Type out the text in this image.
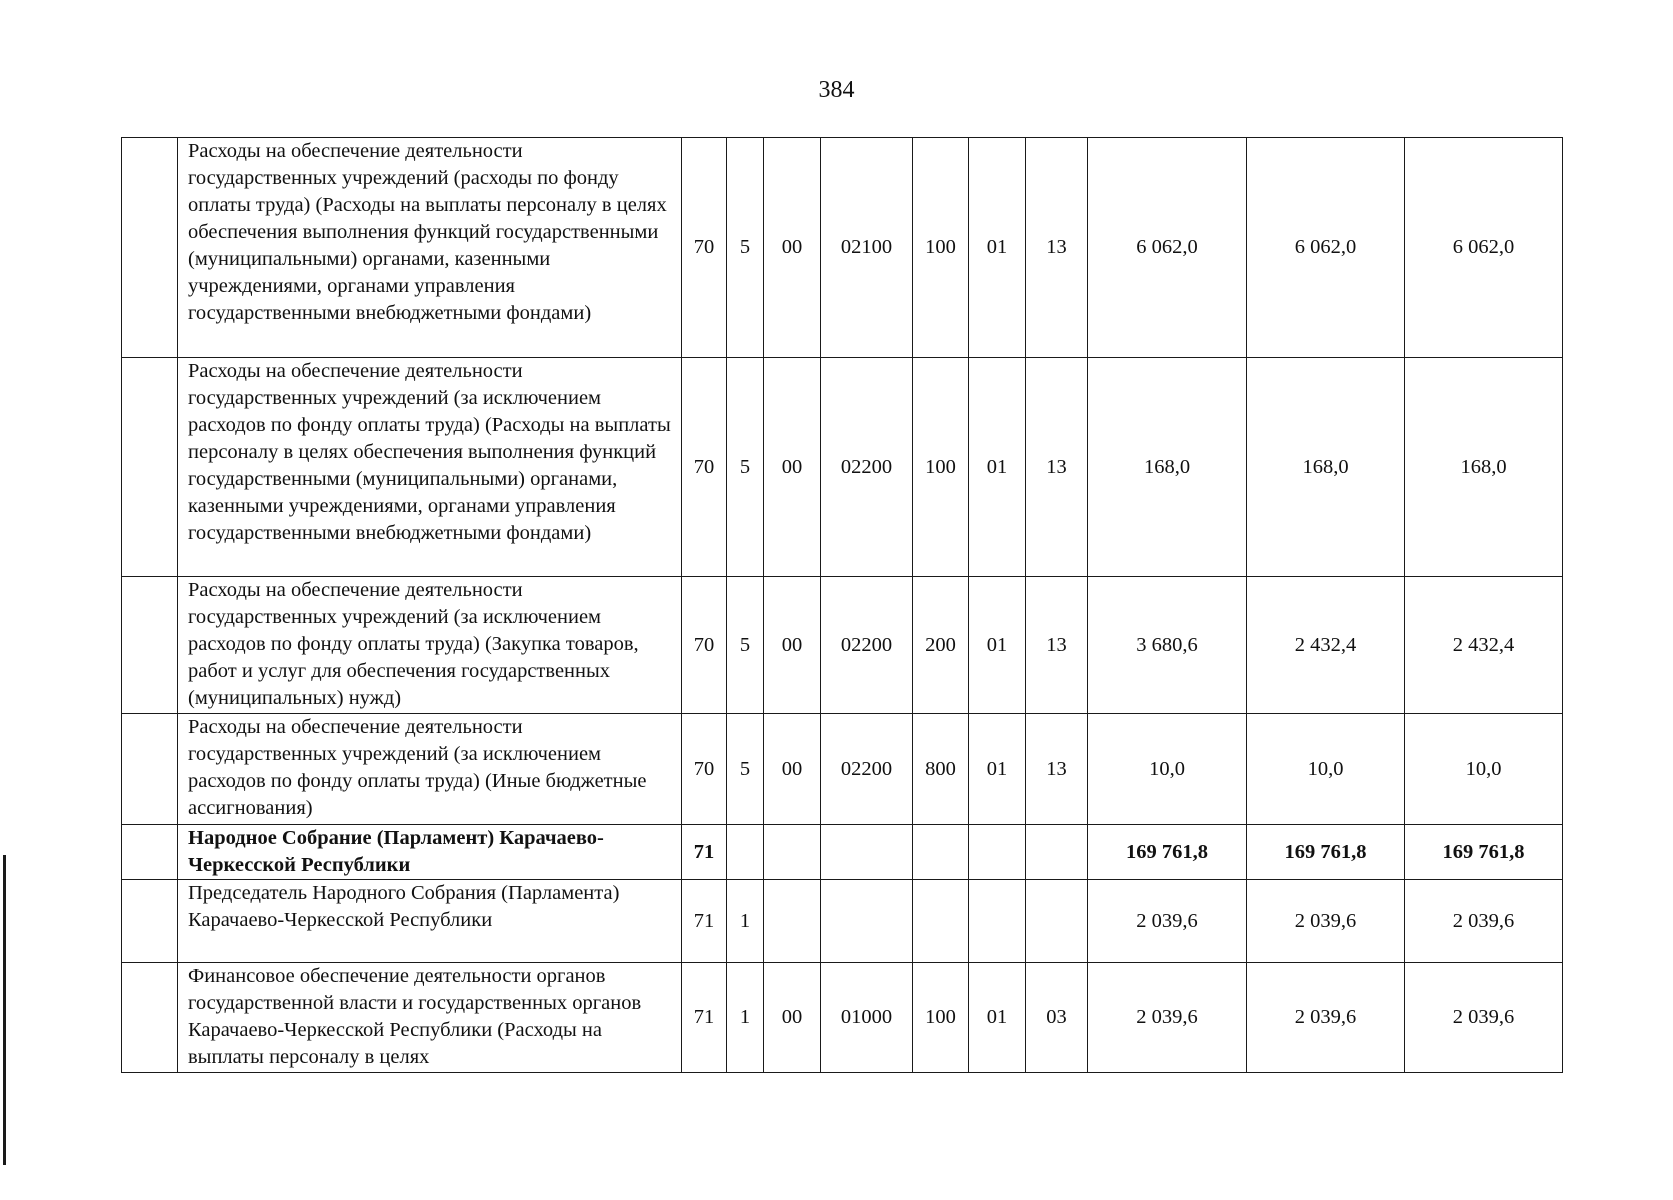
384
	Расходы на обеспечение деятельности государственных учреждений (расходы по фонду оплаты труда) (Расходы на выплаты персоналу в целях обеспечения выполнения функций государственными (муниципальными) органами, казенными учреждениями, органами управления государственными внебюджетными фондами)	70	5	00	02100	100	01	13	6 062,0	6 062,0	6 062,0
	Расходы на обеспечение деятельности государственных учреждений (за исключением расходов по фонду оплаты труда) (Расходы на выплаты персоналу в целях обеспечения выполнения функций государственными (муниципальными) органами, казенными учреждениями, органами управления государственными внебюджетными фондами)	70	5	00	02200	100	01	13	168,0	168,0	168,0
	Расходы на обеспечение деятельности государственных учреждений (за исключением расходов по фонду оплаты труда) (Закупка товаров, работ и услуг для обеспечения государственных (муниципальных) нужд)	70	5	00	02200	200	01	13	3 680,6	2 432,4	2 432,4
	Расходы на обеспечение деятельности государственных учреждений (за исключением расходов по фонду оплаты труда) (Иные бюджетные ассигнования)	70	5	00	02200	800	01	13	10,0	10,0	10,0
	Народное Собрание (Парламент) Карачаево-Черкесской Республики	71							169 761,8	169 761,8	169 761,8
	Председатель Народного Собрания (Парламента) Карачаево-Черкесской Республики	71	1						2 039,6	2 039,6	2 039,6
	Финансовое обеспечение деятельности органов государственной власти и государственных органов Карачаево-Черкесской Республики (Расходы на выплаты персоналу в целях	71	1	00	01000	100	01	03	2 039,6	2 039,6	2 039,6
